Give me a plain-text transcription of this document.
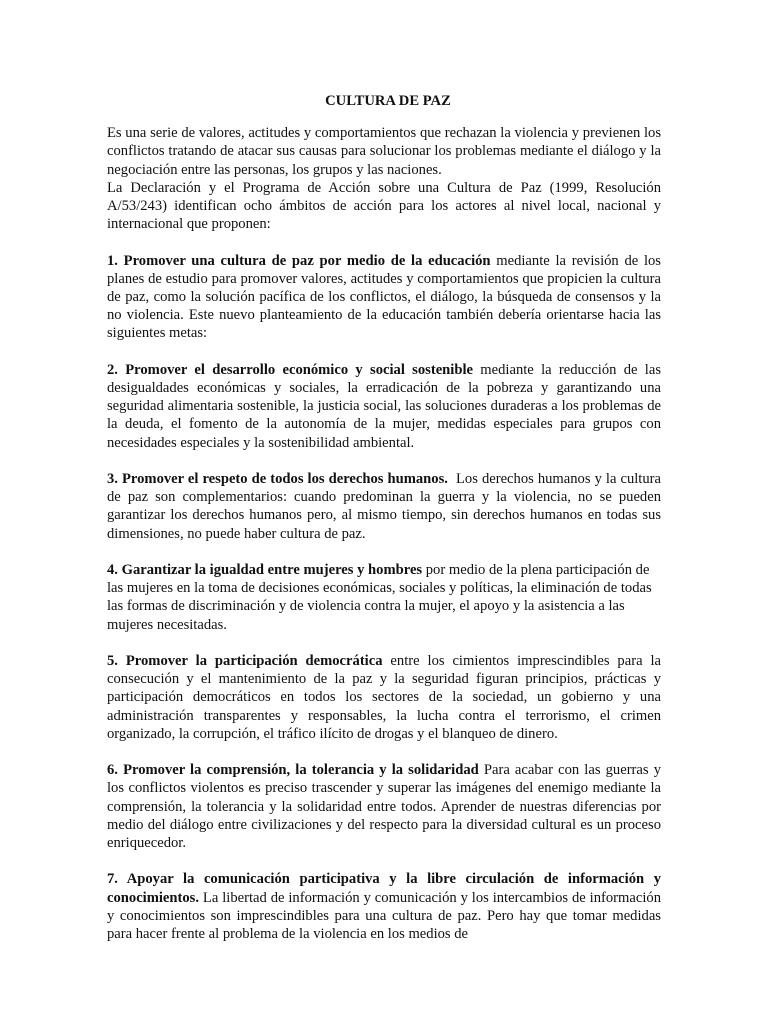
CULTURA DE PAZ

Es una serie de valores, actitudes y comportamientos que rechazan la violencia y previenen los conflictos tratando de atacar sus causas para solucionar los problemas mediante el diálogo y la negociación entre las personas, los grupos y las naciones.

La Declaración y el Programa de Acción sobre una Cultura de Paz (1999, Resolución A/53/243) identifican ocho ámbitos de acción para los actores al nivel local, nacional y internacional que proponen:

1. Promover una cultura de paz por medio de la educación mediante la revisión de los planes de estudio para promover valores, actitudes y comportamientos que propicien la cultura de paz, como la solución pacífica de los conflictos, el diálogo, la búsqueda de consensos y la no violencia. Este nuevo planteamiento de la educación también debería orientarse hacia las siguientes metas:

2. Promover el desarrollo económico y social sostenible mediante la reducción de las desigualdades económicas y sociales, la erradicación de la pobreza y garantizando una seguridad alimentaria sostenible, la justicia social, las soluciones duraderas a los problemas de la deuda, el fomento de la autonomía de la mujer, medidas especiales para grupos con necesidades especiales y la sostenibilidad ambiental.

3. Promover el respeto de todos los derechos humanos.  Los derechos humanos y la cultura de paz son complementarios: cuando predominan la guerra y la violencia, no se pueden garantizar los derechos humanos pero, al mismo tiempo, sin derechos humanos en todas sus dimensiones, no puede haber cultura de paz.

4. Garantizar la igualdad entre mujeres y hombres por medio de la plena participación de las mujeres en la toma de decisiones económicas, sociales y políticas, la eliminación de todas las formas de discriminación y de violencia contra la mujer, el apoyo y la asistencia a las mujeres necesitadas.

5. Promover la participación democrática entre los cimientos imprescindibles para la consecución y el mantenimiento de la paz y la seguridad figuran principios, prácticas y participación democráticos en todos los sectores de la sociedad, un gobierno y una administración transparentes y responsables, la lucha contra el terrorismo, el crimen organizado, la corrupción, el tráfico ilícito de drogas y el blanqueo de dinero.

6. Promover la comprensión, la tolerancia y la solidaridad Para acabar con las guerras y los conflictos violentos es preciso trascender y superar las imágenes del enemigo mediante la comprensión, la tolerancia y la solidaridad entre todos. Aprender de nuestras diferencias por medio del diálogo entre civilizaciones y del respecto para la diversidad cultural es un proceso enriquecedor.

7. Apoyar la comunicación participativa y la libre circulación de información y conocimientos. La libertad de información y comunicación y los intercambios de información y conocimientos son imprescindibles para una cultura de paz. Pero hay que tomar medidas para hacer frente al problema de la violencia en los medios de
